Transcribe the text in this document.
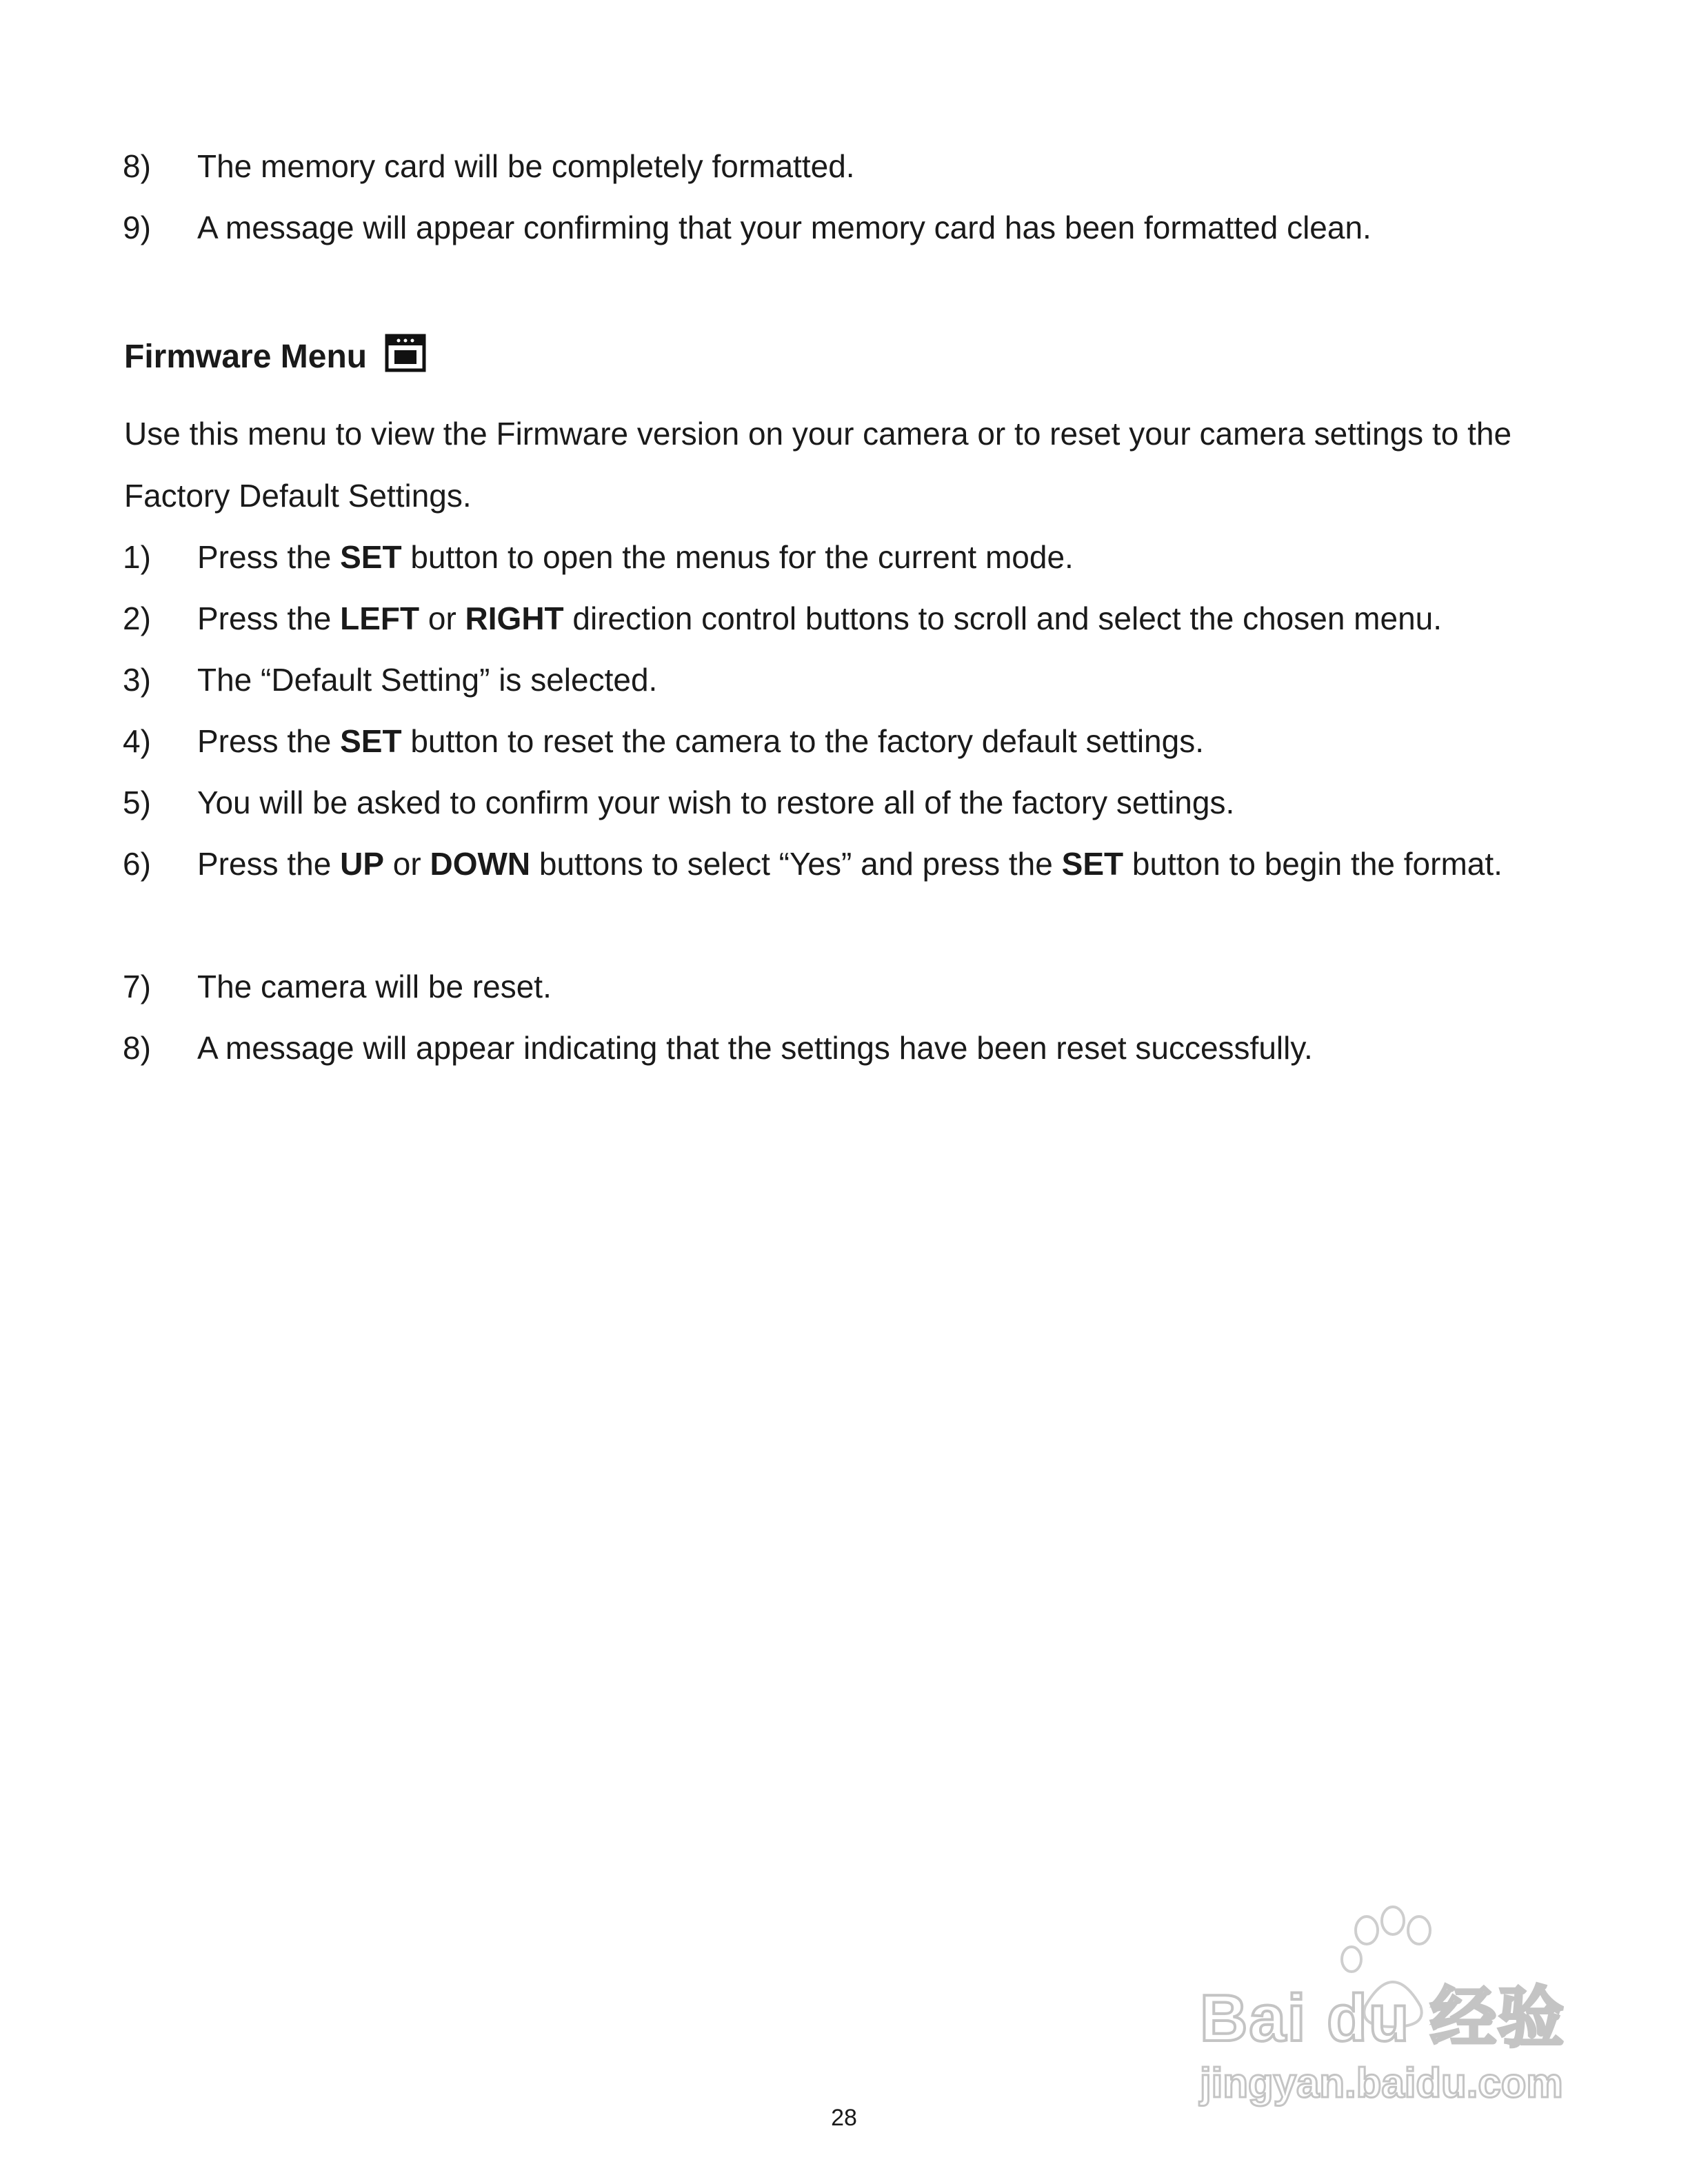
8) The memory card will be completely formatted.
9) A message will appear confirming that your memory card has been formatted clean.
Firmware Menu
Use this menu to view the Firmware version on your camera or to reset your camera settings to the Factory Default Settings.
1) Press the SET button to open the menus for the current mode.
2) Press the LEFT or RIGHT direction control buttons to scroll and select the chosen menu.
3) The “Default Setting” is selected.
4) Press the SET button to reset the camera to the factory default settings.
5) You will be asked to confirm your wish to restore all of the factory settings.
6) Press the UP or DOWN buttons to select “Yes” and press the SET button to begin the format.
7) The camera will be reset.
8) A message will appear indicating that the settings have been reset successfully.
Bai du 经验
jingyan.baidu.com
28
